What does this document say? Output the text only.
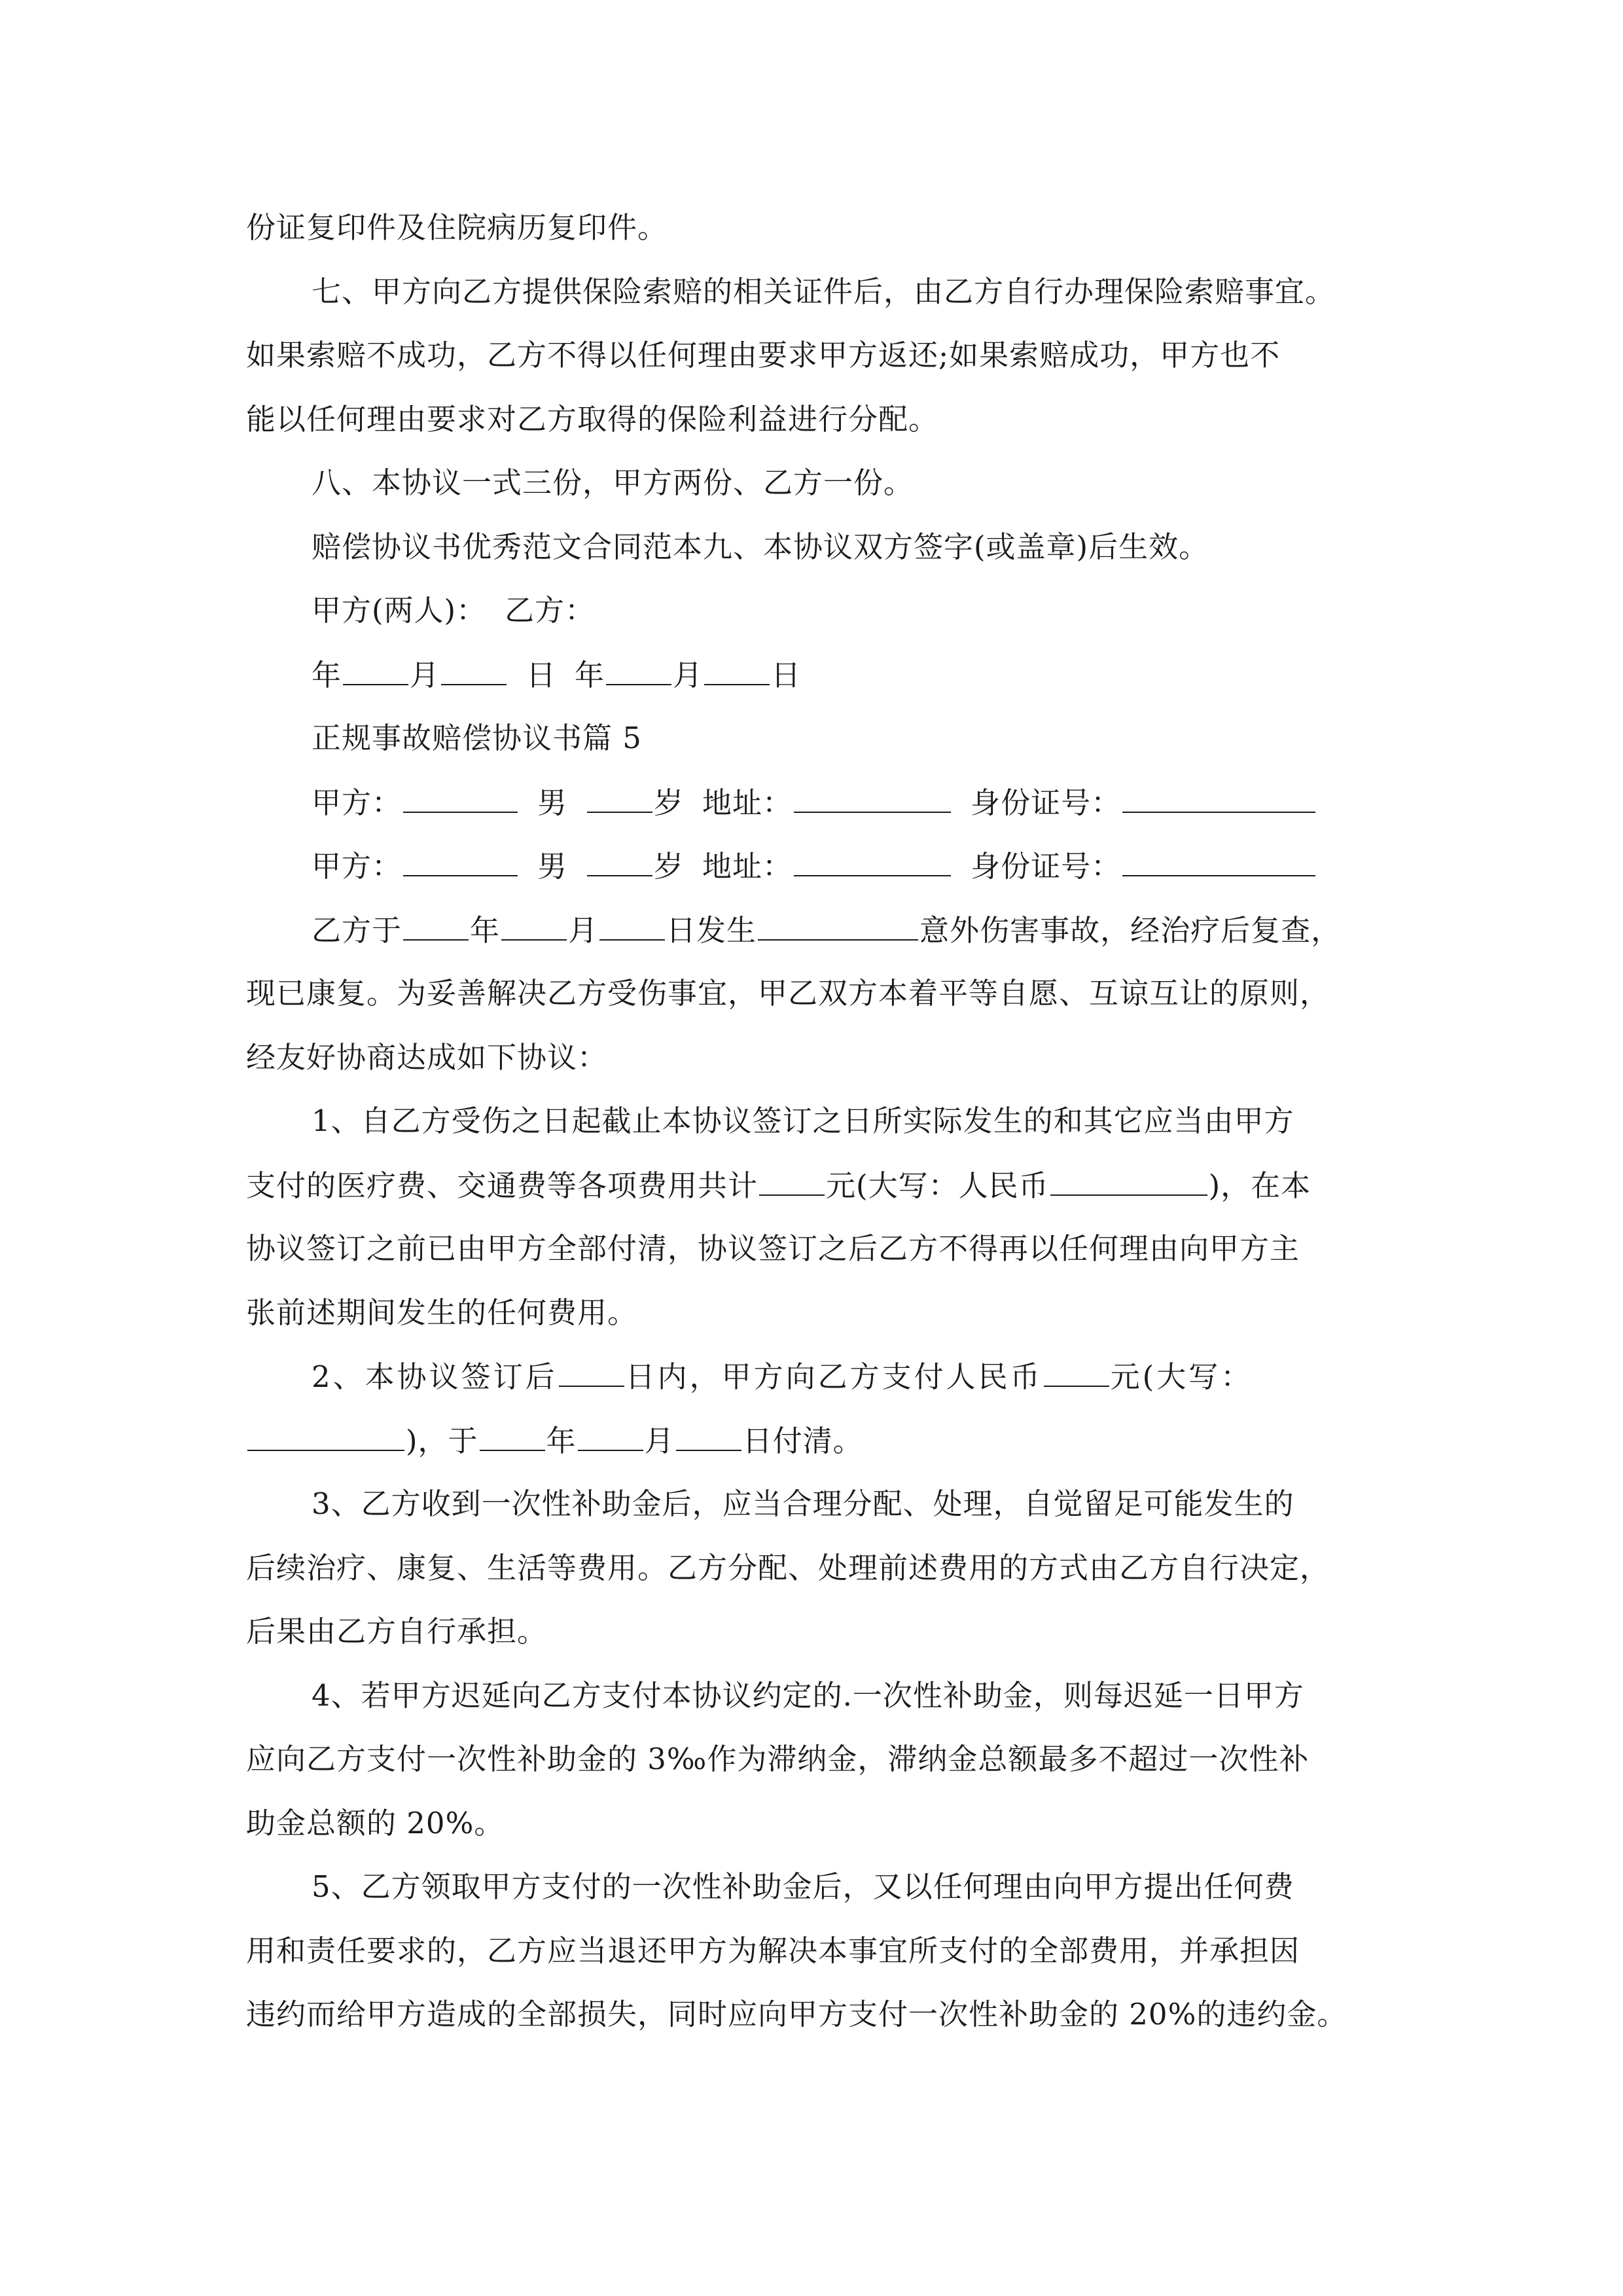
份证复印件及住院病历复印件。
七、甲方向乙方提供保险索赔的相关证件后，由乙方自行办理保险索赔事宜。
如果索赔不成功，乙方不得以任何理由要求甲方返还;如果索赔成功，甲方也不
能以任何理由要求对乙方取得的保险利益进行分配。
八、本协议一式三份，甲方两份、乙方一份。
赔偿协议书优秀范文合同范本九、本协议双方签字(或盖章)后生效。
甲方(两人)： 乙方：
年 月	日 年 月 日
正规事故赔偿协议书篇 5
甲方：	男	岁 地址：	身份证号：
甲方：	男	岁 地址：	身份证号：
乙方于 年 月 日发生	意外伤害事故，经治疗后复查，
现已康复。为妥善解决乙方受伤事宜，甲乙双方本着平等自愿、互谅互让的原则，
经友好协商达成如下协议：
1、自乙方受伤之日起截止本协议签订之日所实际发生的和其它应当由甲方
支付的医疗费、交通费等各项费用共计 元(大写：人民币	)，在本
协议签订之前已由甲方全部付清，协议签订之后乙方不得再以任何理由向甲方主
张前述期间发生的任何费用。
2、本协议签订后 日内，甲方向乙方支付人民币 元(大写：
)，于 年 月 日付清。
3、乙方收到一次性补助金后，应当合理分配、处理，自觉留足可能发生的
后续治疗、康复、生活等费用。乙方分配、处理前述费用的方式由乙方自行决定，
后果由乙方自行承担。
4、若甲方迟延向乙方支付本协议约定的.一次性补助金，则每迟延一日甲方
应向乙方支付一次性补助金的 3‰作为滞纳金，滞纳金总额最多不超过一次性补
助金总额的 20%。
5、乙方领取甲方支付的一次性补助金后，又以任何理由向甲方提出任何费
用和责任要求的，乙方应当退还甲方为解决本事宜所支付的全部费用，并承担因
违约而给甲方造成的全部损失，同时应向甲方支付一次性补助金的 20%的违约金。
